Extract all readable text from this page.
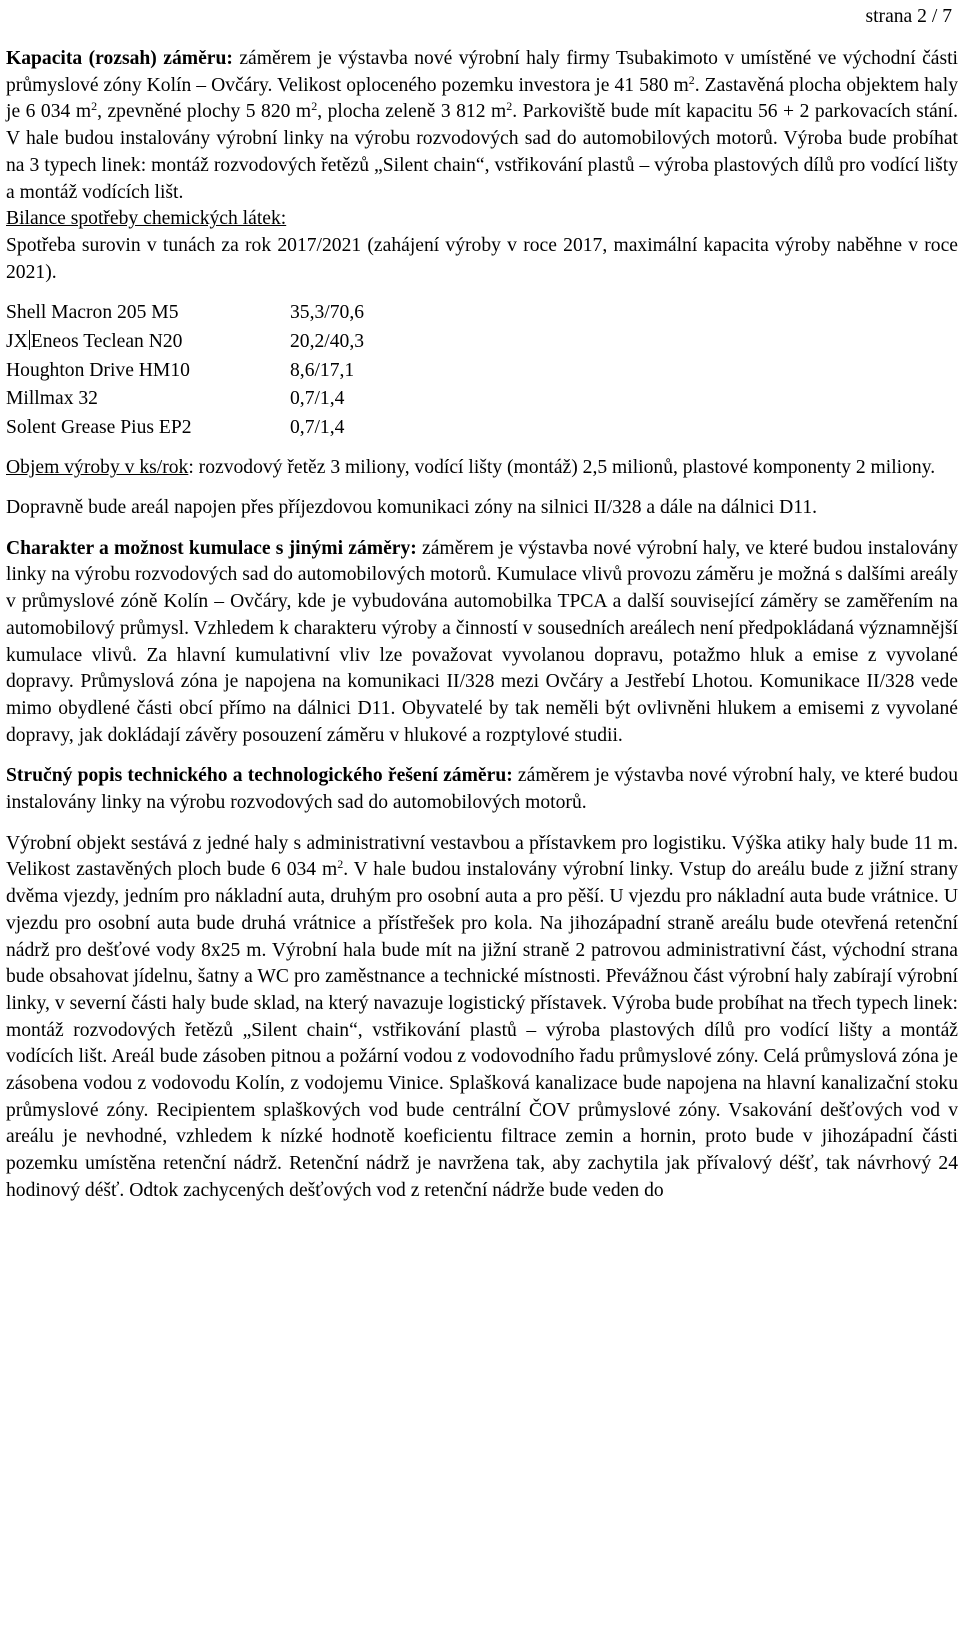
strana 2 / 7

Kapacita (rozsah) záměru: záměrem je výstavba nové výrobní haly firmy Tsubakimoto v umístěné ve východní části průmyslové zóny Kolín – Ovčáry. Velikost oploceného pozemku investora je 41 580 $m^2$. Zastavěná plocha objektem haly je 6 034 $m^2$, zpevněné plochy 5 820 $m^2$, plocha zeleně 3 812 $m^2$. Parkoviště bude mít kapacitu 56 + 2 parkovacích stání. V hale budou instalovány výrobní linky na výrobu rozvodových sad do automobilových motorů. Výroba bude probíhat na 3 typech linek: montáž rozvodových řetězů „Silent chain“, vstřikování plastů – výroba plastových dílů pro vodící lišty a montáž vodících lišt.

Bilance spotřeby chemických látek:

Spotřeba surovin v tunách za rok 2017/2021 (zahájení výroby v roce 2017, maximální kapacita výroby naběhne v roce 2021).

Shell Macron 205 M5	35,3/70,6
JX Eneos Teclean N20	20,2/40,3
Houghton Drive HM10	8,6/17,1
Millmax 32	0,7/1,4
Solent Grease Pius EP2	0,7/1,4

Objem výroby v ks/rok: rozvodový řetěz 3 miliony, vodící lišty (montáž) 2,5 milionů, plastové komponenty 2 miliony.

Dopravně bude areál napojen přes příjezdovou komunikaci zóny na silnici II/328 a dále na dálnici D11.

Charakter a možnost kumulace s jinými záměry: záměrem je výstavba nové výrobní haly, ve které budou instalovány linky na výrobu rozvodových sad do automobilových motorů. Kumulace vlivů provozu záměru je možná s dalšími areály v průmyslové zóně Kolín – Ovčáry, kde je vybudována automobilka TPCA a další související záměry se zaměřením na automobilový průmysl. Vzhledem k charakteru výroby a činností v sousedních areálech není předpokládaná významnější kumulace vlivů. Za hlavní kumulativní vliv lze považovat vyvolanou dopravu, potažmo hluk a emise z vyvolané dopravy. Průmyslová zóna je napojena na komunikaci II/328 mezi Ovčáry a Jestřebí Lhotou. Komunikace II/328 vede mimo obydlené části obcí přímo na dálnici D11. Obyvatelé by tak neměli být ovlivněni hlukem a emisemi z vyvolané dopravy, jak dokládají závěry posouzení záměru v hlukové a rozptylové studii.

Stručný popis technického a technologického řešení záměru: záměrem je výstavba nové výrobní haly, ve které budou instalovány linky na výrobu rozvodových sad do automobilových motorů.

Výrobní objekt sestává z jedné haly s administrativní vestavbou a přístavkem pro logistiku. Výška atiky haly bude 11 m. Velikost zastavěných ploch bude 6 034 $m^2$. V hale budou instalovány výrobní linky. Vstup do areálu bude z jižní strany dvěma vjezdy, jedním pro nákladní auta, druhým pro osobní auta a pro pěší. U vjezdu pro nákladní auta bude vrátnice. U vjezdu pro osobní auta bude druhá vrátnice a přístřešek pro kola. Na jihozápadní straně areálu bude otevřená retenční nádrž pro dešťové vody 8x25 m. Výrobní hala bude mít na jižní straně 2 patrovou administrativní část, východní strana bude obsahovat jídelnu, šatny a WC pro zaměstnance a technické místnosti. Převážnou část výrobní haly zabírají výrobní linky, v severní části haly bude sklad, na který navazuje logistický přístavek. Výroba bude probíhat na třech typech linek: montáž rozvodových řetězů „Silent chain“, vstřikování plastů – výroba plastových dílů pro vodící lišty a montáž vodících lišt. Areál bude zásoben pitnou a požární vodou z vodovodního řadu průmyslové zóny. Celá průmyslová zóna je zásobena vodou z vodovodu Kolín, z vodojemu Vinice. Splašková kanalizace bude napojena na hlavní kanalizační stoku průmyslové zóny. Recipientem splaškových vod bude centrální ČOV průmyslové zóny. Vsakování dešťových vod v areálu je nevhodné, vzhledem k nízké hodnotě koeficientu filtrace zemin a hornin, proto bude v jihozápadní části pozemku umístěna retenční nádrž. Retenční nádrž je navržena tak, aby zachytila jak přívalový déšť, tak návrhový 24 hodinový déšť. Odtok zachycených dešťových vod z retenční nádrže bude veden do
